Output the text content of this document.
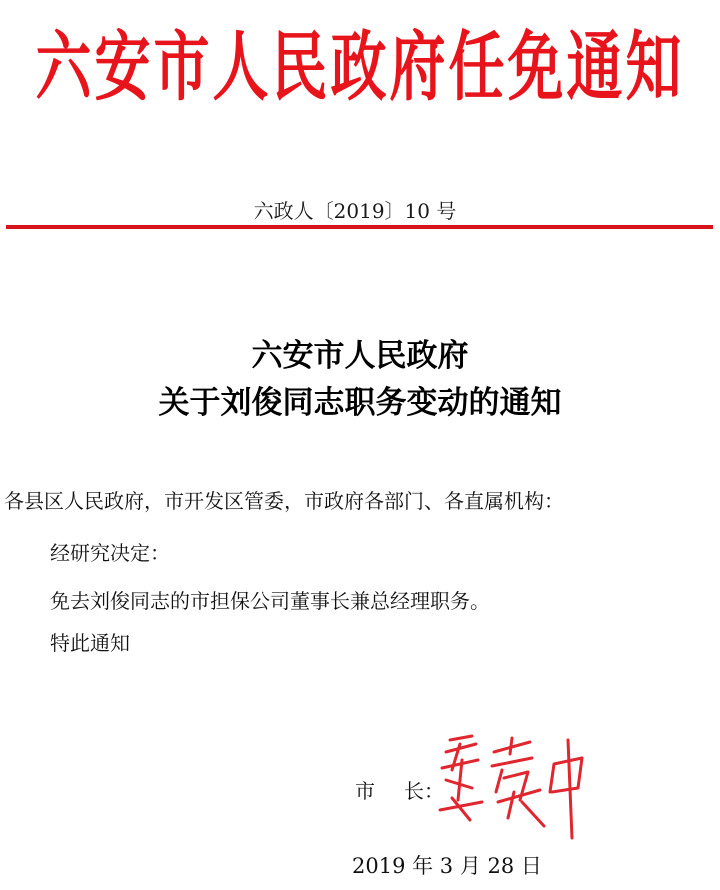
六安市人民政府任免通知
六政人〔2019〕10 号
六安市人民政府
关于刘俊同志职务变动的通知
各县区人民政府，市开发区管委，市政府各部门、各直属机构：
经研究决定：
免去刘俊同志的市担保公司董事长兼总经理职务。
特此通知
市 长：
2019 年 3 月 28 日
